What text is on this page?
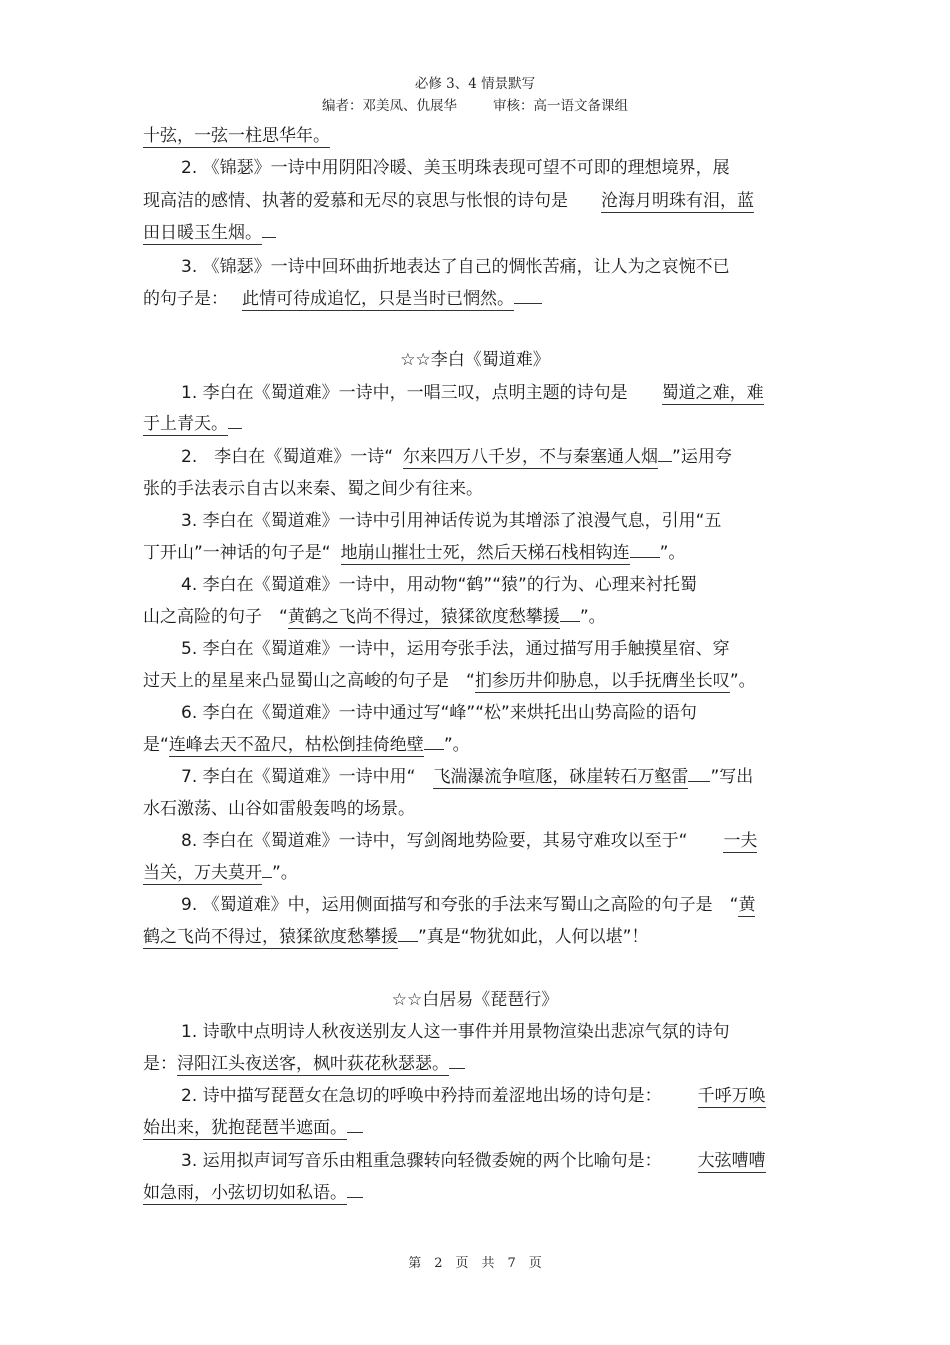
必修 3、4 情景默写
编者：邓美凤、仇展华	审核：高一语文备课组
十弦，一弦一柱思华年。
2. 《锦瑟》一诗中用阴阳冷暖、美玉明珠表现可望不可即的理想境界，展
现高洁的感情、执著的爱慕和无尽的哀思与怅恨的诗句是 沧海月明珠有泪，蓝
田日暖玉生烟。
3. 《锦瑟》一诗中回环曲折地表达了自己的惆怅苦痛，让人为之哀惋不已
的句子是： 此情可待成追忆，只是当时已惘然。
☆☆李白《蜀道难》
1. 李白在《蜀道难》一诗中，一唱三叹，点明主题的诗句是 蜀道之难，难
于上青天。
2.　李白在《蜀道难》一诗“ 尔来四万八千岁，不与秦塞通人烟 ”运用夸
张的手法表示自古以来秦、蜀之间少有往来。
3. 李白在《蜀道难》一诗中引用神话传说为其增添了浪漫气息，引用“五
丁开山”一神话的句子是“ 地崩山摧壮士死，然后天梯石栈相钩连 ”。
4. 李白在《蜀道难》一诗中，用动物“鹤”“猿”的行为、心理来衬托蜀
山之高险的句子　“黄鹤之飞尚不得过，猿猱欲度愁攀援 ”。
5. 李白在《蜀道难》一诗中，运用夸张手法，通过描写用手触摸星宿、穿
过天上的星星来凸显蜀山之高峻的句子是　“扪参历井仰胁息，以手抚膺坐长叹”。
6. 李白在《蜀道难》一诗中通过写“峰”“松”来烘托出山势高险的语句
是“连峰去天不盈尺，枯松倒挂倚绝壁 ”。
7. 李白在《蜀道难》一诗中用“ 飞湍瀑流争喧豗，砯崖转石万壑雷 ”写出
水石激荡、山谷如雷般轰鸣的场景。
8. 李白在《蜀道难》一诗中，写剑阁地势险要，其易守难攻以至于“ 一夫
当关，万夫莫开 ”。
9. 《蜀道难》中，运用侧面描写和夸张的手法来写蜀山之高险的句子是　“黄
鹤之飞尚不得过，猿猱欲度愁攀援 ”真是“物犹如此，人何以堪”！
☆☆白居易《琵琶行》
1. 诗歌中点明诗人秋夜送别友人这一事件并用景物渲染出悲凉气氛的诗句
是：浔阳江头夜送客，枫叶荻花秋瑟瑟。
2. 诗中描写琵琶女在急切的呼唤中矜持而羞涩地出场的诗句是： 千呼万唤
始出来，犹抱琵琶半遮面。
3. 运用拟声词写音乐由粗重急骤转向轻微委婉的两个比喻句是： 大弦嘈嘈
如急雨，小弦切切如私语。
第　2　页　共　7　页
